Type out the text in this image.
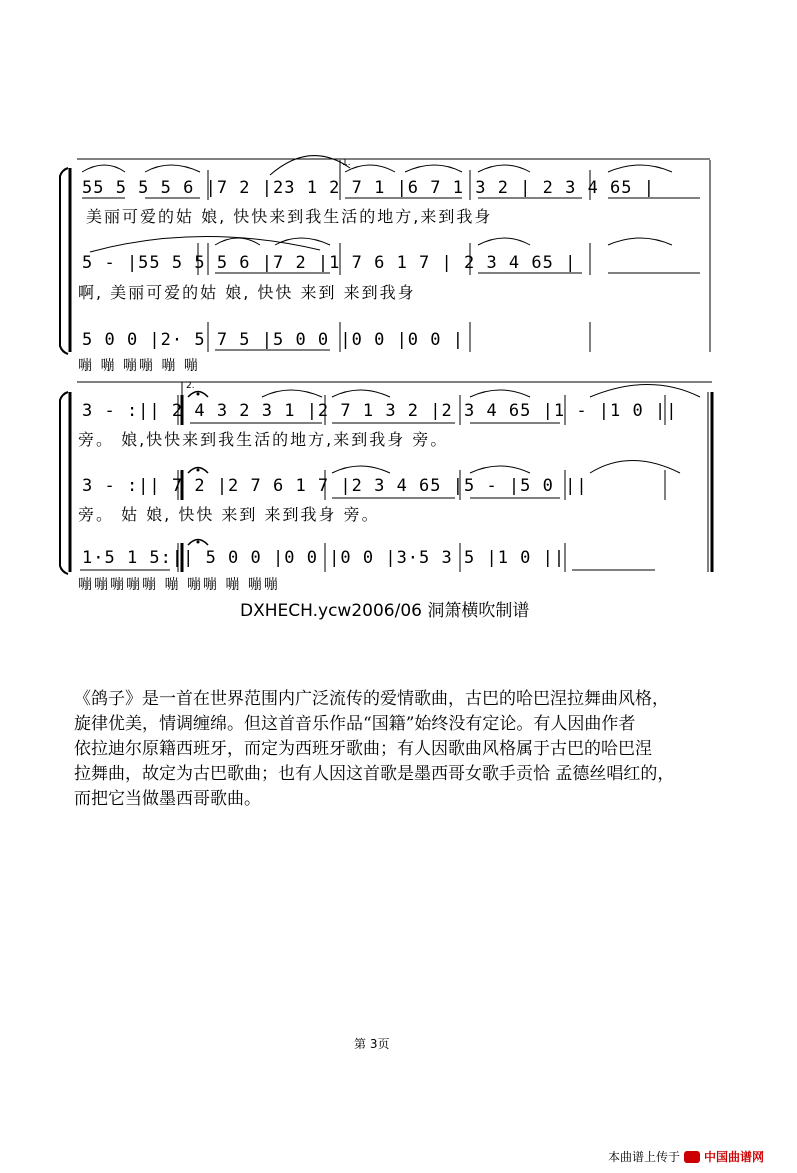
1.
2.
55 5 5 5 6 |7 2 |23 1 2 7 1 |6 7 1 3 2 | 2 3 4 65 |
美丽可爱的姑 娘, 快快来到我生活的地方,来到我身
5 - |55 5 5 5 6 |7 2 |1 7 6 1 7 | 2 3 4 65 |
啊, 美丽可爱的姑 娘, 快快 来到 来到我身
5 0 0 |2· 5 7 5 |5 0 0 |0 0 |0 0 |
嘣 嘣 嘣嘣 嘣 嘣
3 - :|| 2 4 3 2 3 1 |2 7 1 3 2 |2 3 4 65 |1 - |1 0 ||
旁。 娘,快快来到我生活的地方,来到我身 旁。
3 - :|| 7 2 |2 7 6 1 7 |2 3 4 65 |5 - |5 0 ||
旁。 姑 娘, 快快 来到 来到我身 旁。
1·5 1 5:|| 5 0 0 |0 0 |0 0 |3·5 3 5 |1 0 ||
嘣嘣嘣嘣嘣 嘣 嘣嘣 嘣 嘣嘣
DXHECH.ycw2006/06 洞箫横吹制谱
《鸽子》是一首在世界范围内广泛流传的爱情歌曲，古巴的哈巴涅拉舞曲风格，
旋律优美，情调缠绵。但这首音乐作品“国籍”始终没有定论。有人因曲作者
依拉迪尔原籍西班牙，而定为西班牙歌曲；有人因歌曲风格属于古巴的哈巴涅
拉舞曲，故定为古巴歌曲；也有人因这首歌是墨西哥女歌手贡恰 孟德丝唱红的，
而把它当做墨西哥歌曲。
第 3页
本曲谱上传于 中国曲谱网
